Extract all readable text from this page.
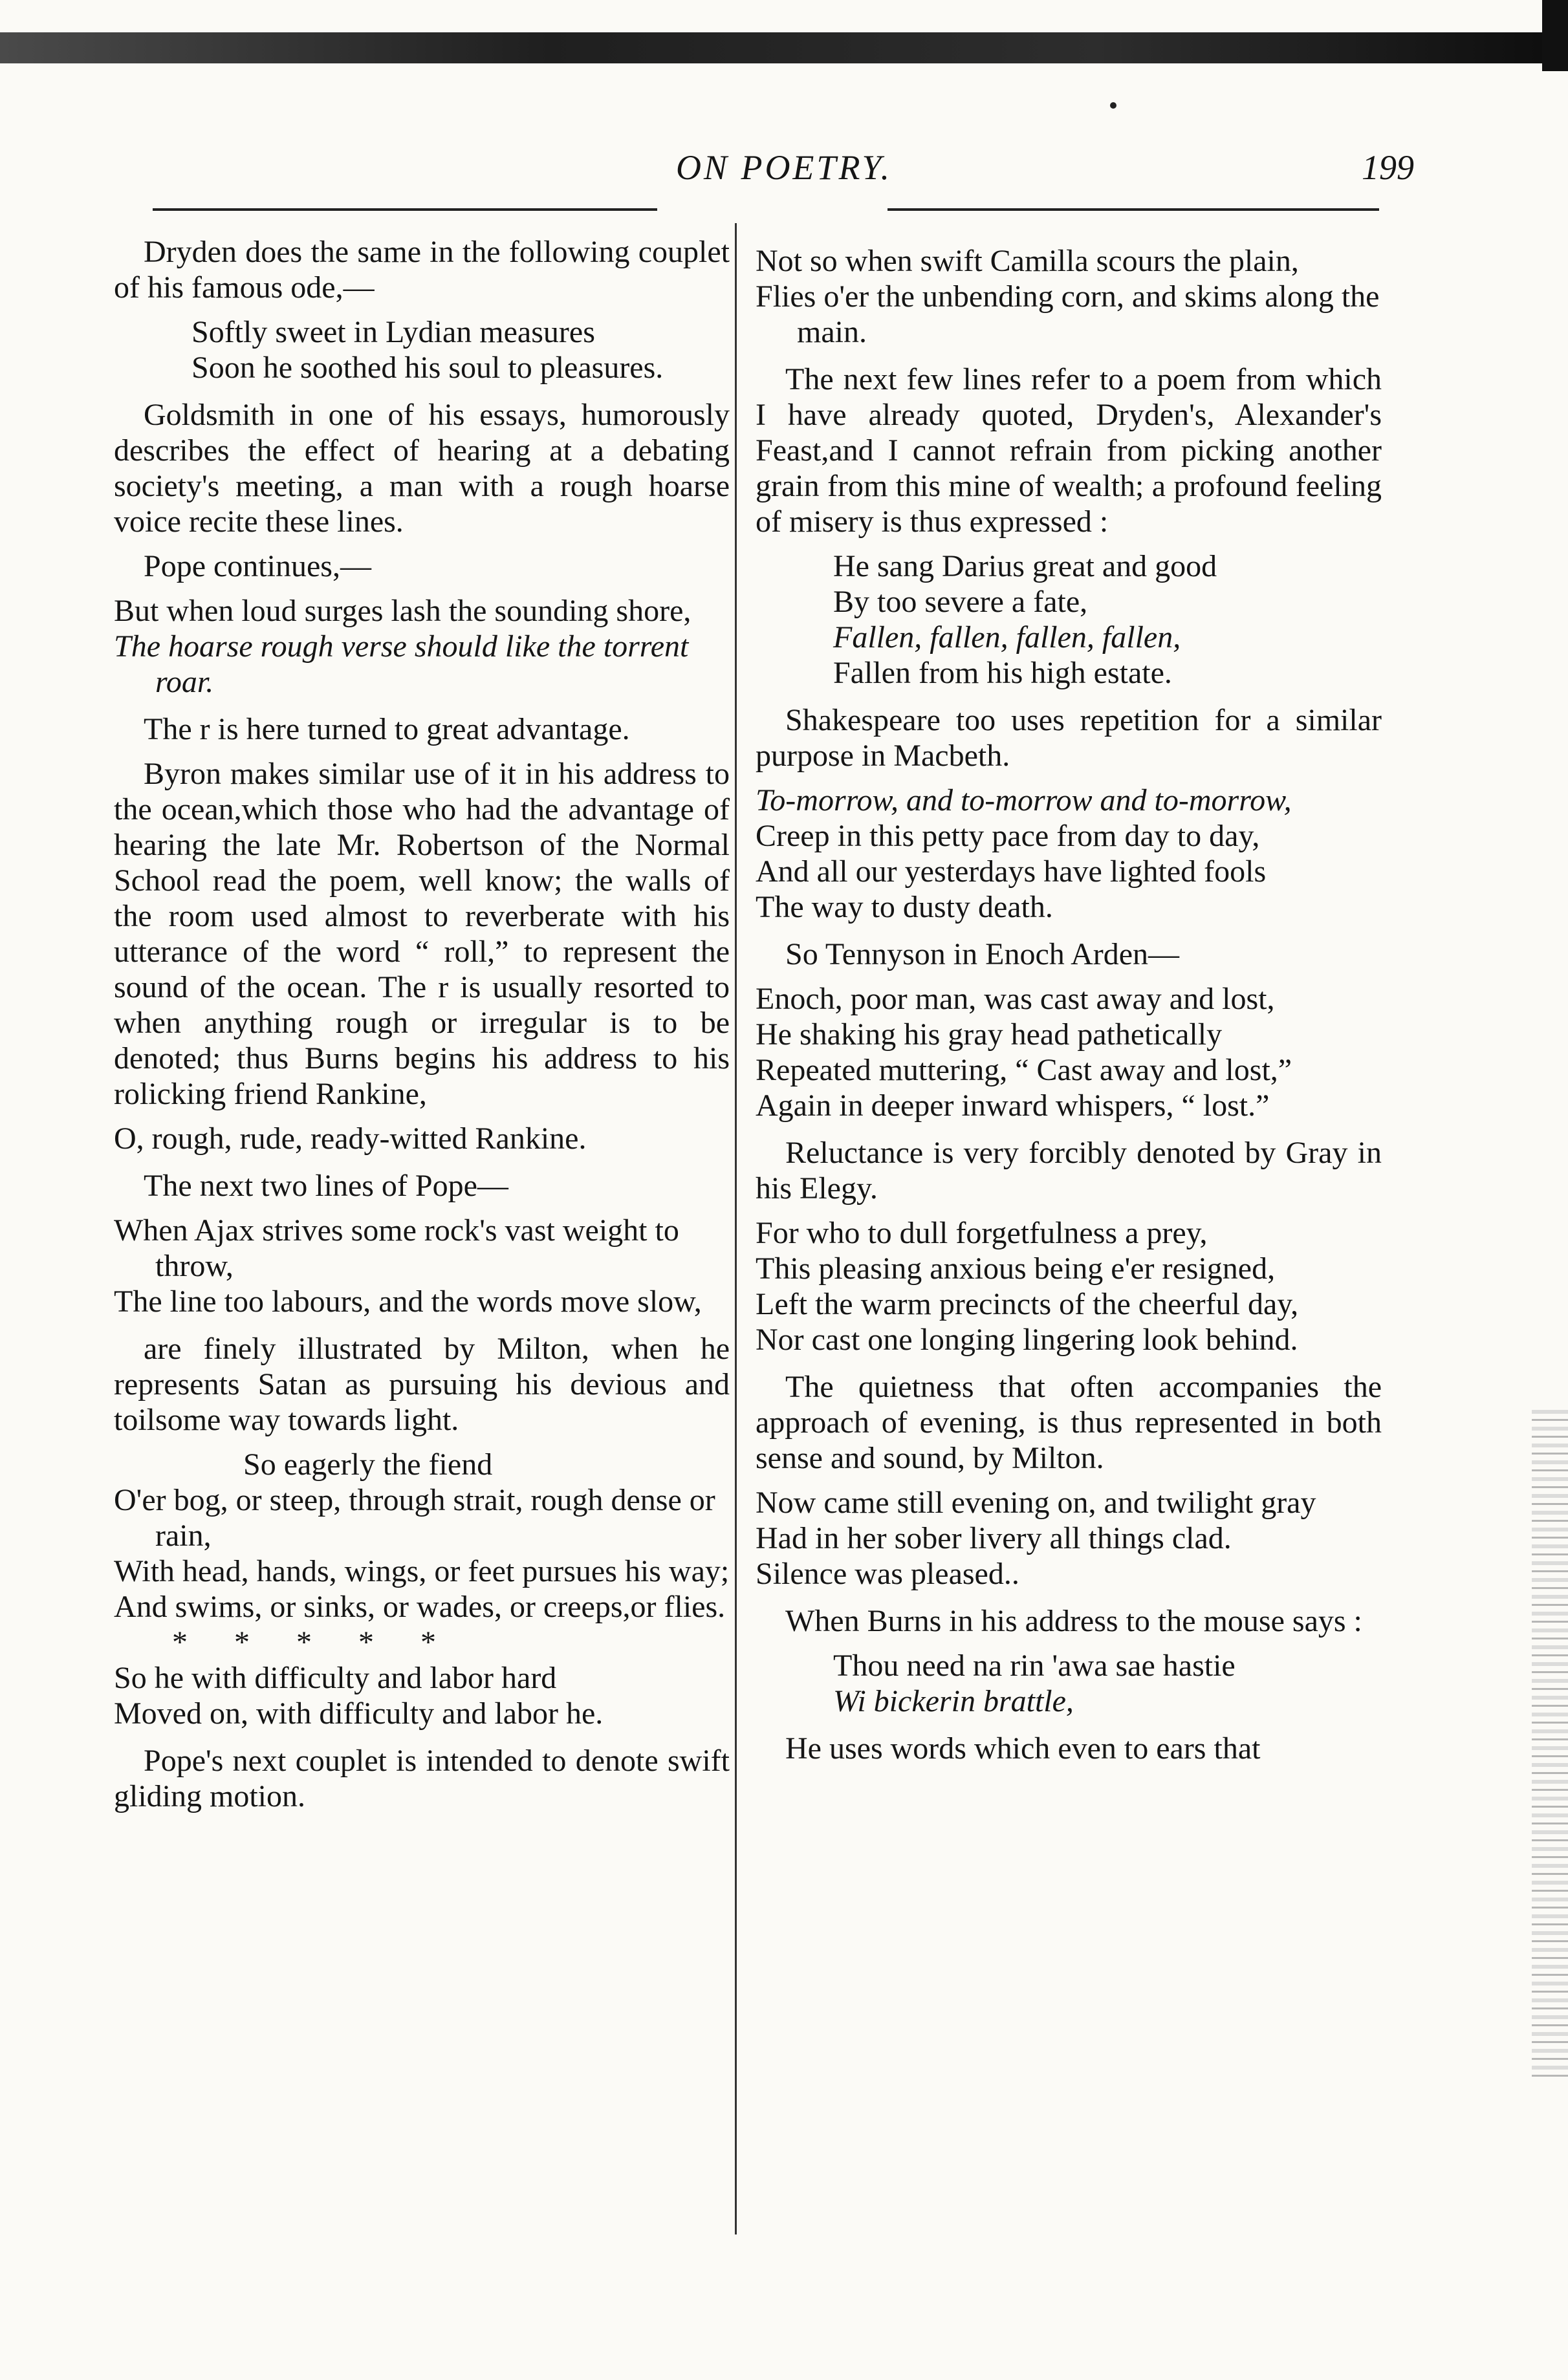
ON POETRY.	199

Dryden does the same in the following couplet of his famous ode,—

Softly sweet in Lydian measures
Soon he soothed his soul to pleasures.

Goldsmith in one of his essays, humorously describes the effect of hearing at a debating society's meeting, a man with a rough hoarse voice recite these lines.

Pope continues,—

But when loud surges lash the sounding shore,
The hoarse rough verse should like the torrent roar.

The r is here turned to great advantage.

Byron makes similar use of it in his address to the ocean,which those who had the advantage of hearing the late Mr. Robertson of the Normal School read the poem, well know; the walls of the room used almost to reverberate with his utterance of the word “ roll,” to represent the sound of the ocean. The r is usually resorted to when anything rough or irregular is to be denoted; thus Burns begins his address to his rolicking friend Rankine,

O, rough, rude, ready-witted Rankine.

The next two lines of Pope—

When Ajax strives some rock's vast weight to throw,
The line too labours, and the words move slow,

are finely illustrated by Milton, when he represents Satan as pursuing his devious and toilsome way towards light.

So eagerly the fiend
O'er bog, or steep, through strait, rough dense or rain,
With head, hands, wings, or feet pursues his way;
And swims, or sinks, or wades, or creeps,or flies.
*      *      *      *      *
So he with difficulty and labor hard
Moved on, with difficulty and labor he.

Pope's next couplet is intended to denote swift gliding motion.

Not so when swift Camilla scours the plain,
Flies o'er the unbending corn, and skims along the main.

The next few lines refer to a poem from which I have already quoted, Dryden's, Alexander's Feast,and I cannot refrain from picking another grain from this mine of wealth; a profound feeling of misery is thus expressed :

He sang Darius great and good
By too severe a fate,
Fallen, fallen, fallen, fallen,
Fallen from his high estate.

Shakespeare too uses repetition for a similar purpose in Macbeth.

To-morrow, and to-morrow and to-morrow,
Creep in this petty pace from day to day,
And all our yesterdays have lighted fools
The way to dusty death.

So Tennyson in Enoch Arden—

Enoch, poor man, was cast away and lost,
He shaking his gray head pathetically
Repeated muttering, “ Cast away and lost,”
Again in deeper inward whispers, “ lost.”

Reluctance is very forcibly denoted by Gray in his Elegy.

For who to dull forgetfulness a prey,
This pleasing anxious being e'er resigned,
Left the warm precincts of the cheerful day,
Nor cast one longing lingering look behind.

The quietness that often accompanies the approach of evening, is thus represented in both sense and sound, by Milton.

Now came still evening on, and twilight gray
Had in her sober livery all things clad.
Silence was pleased..

When Burns in his address to the mouse says :

Thou need na rin 'awa sae hastie
Wi bickerin brattle,

He uses words which even to ears that
